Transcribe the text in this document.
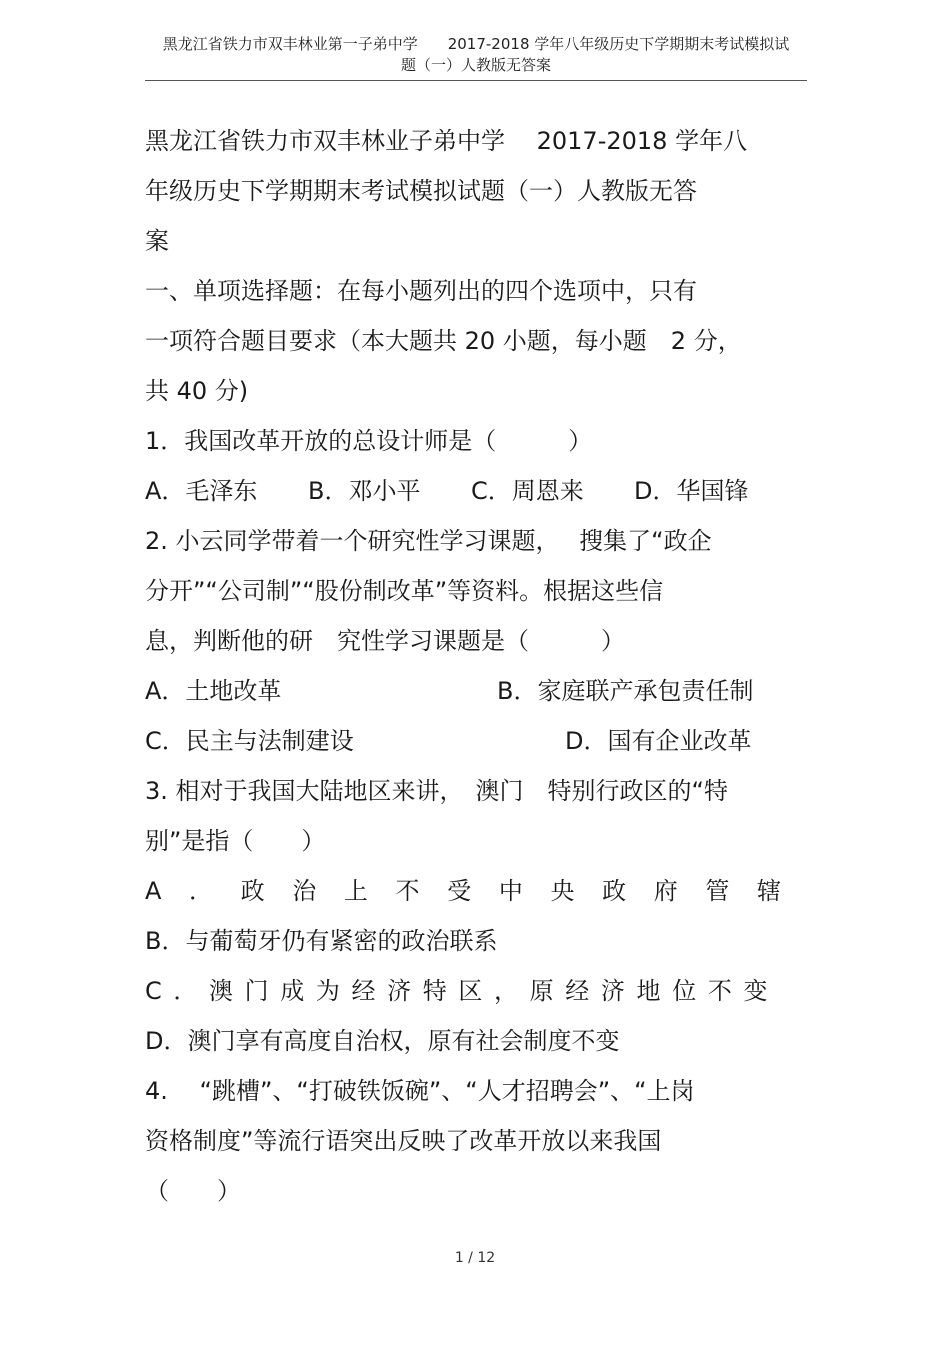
黑龙江省铁力市双丰林业第一子弟中学　　2017-2018 学年八年级历史下学期期末考试模拟试
题（一）人教版无答案
黑龙江省铁力市双丰林业子弟中学　 2017-2018 学年八
年级历史下学期期末考试模拟试题（一）人教版无答
案
一、单项选择题：在每小题列出的四个选项中，只有
一项符合题目要求（本大题共 20 小题，每小题　2 分，
共 40 分)
1．我国改革开放的总设计师是（　　　）
A．毛泽东 B．邓小平 C．周恩来 D．华国锋
2. 小云同学带着一个研究性学习课题，　 搜集了“政企
分开”“公司制”“股份制改革”等资料。根据这些信
息，判断他的研　究性学习课题是（　　　）
A．土地改革	B．家庭联产承包责任制
C．民主与法制建设	D．国有企业改革
3. 相对于我国大陆地区来讲，　澳门　特别行政区的“特
别”是指（　　）
A ． 政 治 上 不 受 中 央 政 府 管 辖
B．与葡萄牙仍有紧密的政治联系
C ． 澳 门 成 为 经 济 特 区 ， 原 经 济 地 位 不 变
D．澳门享有高度自治权，原有社会制度不变
4.　 “跳槽”、“打破铁饭碗”、“人才招聘会”、“上岗
资格制度”等流行语突出反映了改革开放以来我国
（　　）
1 / 12
